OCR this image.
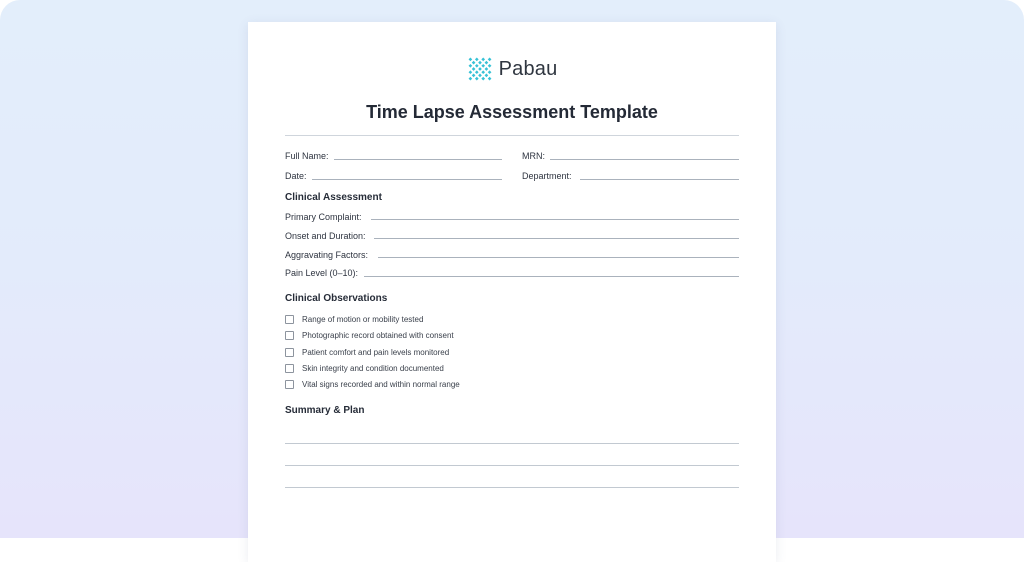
Pabau
Time Lapse Assessment Template
Full Name:	MRN:
Date:	Department:
Clinical Assessment
Primary Complaint:
Onset and Duration:
Aggravating Factors:
Pain Level (0–10):
Clinical Observations
Range of motion or mobility tested
Photographic record obtained with consent
Patient comfort and pain levels monitored
Skin integrity and condition documented
Vital signs recorded and within normal range
Summary & Plan
